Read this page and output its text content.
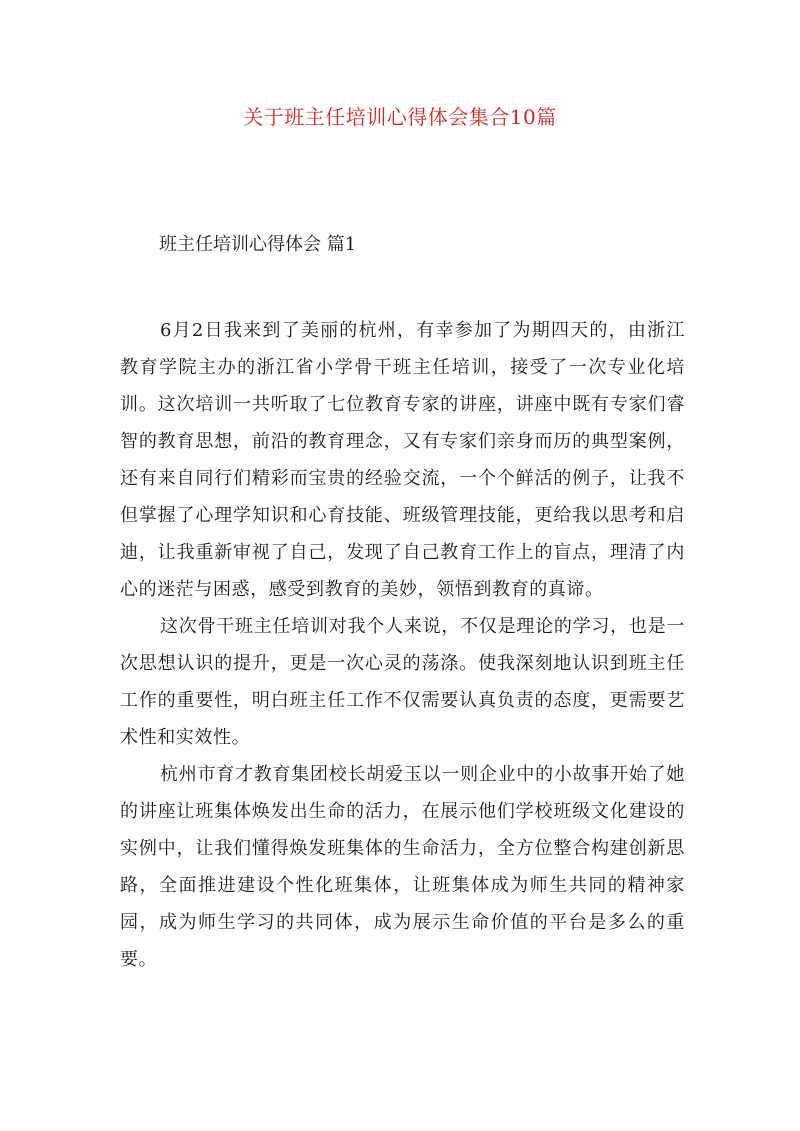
关于班主任培训心得体会集合10篇
班主任培训心得体会 篇1

6月2日我来到了美丽的杭州，有幸参加了为期四天的，由浙江教育学院主办的浙江省小学骨干班主任培训，接受了一次专业化培训。这次培训一共听取了七位教育专家的讲座，讲座中既有专家们睿智的教育思想，前沿的教育理念，又有专家们亲身而历的典型案例，还有来自同行们精彩而宝贵的经验交流，一个个鲜活的例子，让我不但掌握了心理学知识和心育技能、班级管理技能，更给我以思考和启迪，让我重新审视了自己，发现了自己教育工作上的盲点，理清了内心的迷茫与困惑，感受到教育的美妙，领悟到教育的真谛。

这次骨干班主任培训对我个人来说，不仅是理论的学习，也是一次思想认识的提升，更是一次心灵的荡涤。使我深刻地认识到班主任工作的重要性，明白班主任工作不仅需要认真负责的态度，更需要艺术性和实效性。

杭州市育才教育集团校长胡爱玉以一则企业中的小故事开始了她的讲座让班集体焕发出生命的活力，在展示他们学校班级文化建设的实例中，让我们懂得焕发班集体的生命活力，全方位整合构建创新思路，全面推进建设个性化班集体，让班集体成为师生共同的精神家园，成为师生学习的共同体，成为展示生命价值的平台是多么的重要。
